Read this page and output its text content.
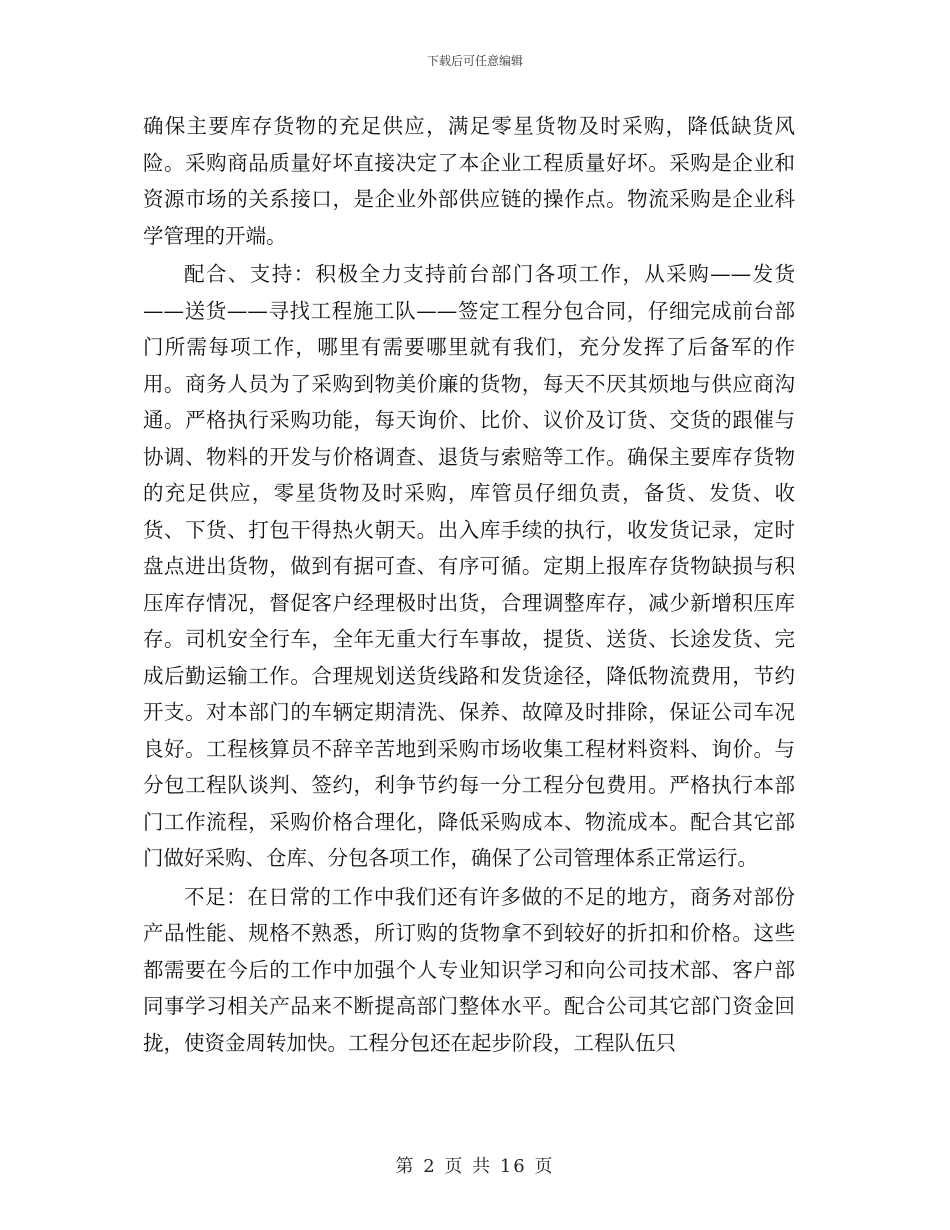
下载后可任意编辑

确保主要库存货物的充足供应，满足零星货物及时采购，降低缺货风险。采购商品质量好坏直接决定了本企业工程质量好坏。采购是企业和资源市场的关系接口，是企业外部供应链的操作点。物流采购是企业科学管理的开端。

配合、支持：积极全力支持前台部门各项工作，从采购——发货——送货——寻找工程施工队——签定工程分包合同，仔细完成前台部门所需每项工作，哪里有需要哪里就有我们，充分发挥了后备军的作用。商务人员为了采购到物美价廉的货物，每天不厌其烦地与供应商沟通。严格执行采购功能，每天询价、比价、议价及订货、交货的跟催与协调、物料的开发与价格调查、退货与索赔等工作。确保主要库存货物的充足供应，零星货物及时采购，库管员仔细负责，备货、发货、收货、下货、打包干得热火朝天。出入库手续的执行，收发货记录，定时盘点进出货物，做到有据可查、有序可循。定期上报库存货物缺损与积压库存情况，督促客户经理极时出货，合理调整库存，减少新增积压库存。司机安全行车，全年无重大行车事故，提货、送货、长途发货、完成后勤运输工作。合理规划送货线路和发货途径，降低物流费用，节约开支。对本部门的车辆定期清洗、保养、故障及时排除，保证公司车况良好。工程核算员不辞辛苦地到采购市场收集工程材料资料、询价。与分包工程队谈判、签约，利争节约每一分工程分包费用。严格执行本部门工作流程，采购价格合理化，降低采购成本、物流成本。配合其它部门做好采购、仓库、分包各项工作，确保了公司管理体系正常运行。

不足：在日常的工作中我们还有许多做的不足的地方，商务对部份产品性能、规格不熟悉，所订购的货物拿不到较好的折扣和价格。这些都需要在今后的工作中加强个人专业知识学习和向公司技术部、客户部同事学习相关产品来不断提高部门整体水平。配合公司其它部门资金回拢，使资金周转加快。工程分包还在起步阶段，工程队伍只

第 2 页 共 16 页
